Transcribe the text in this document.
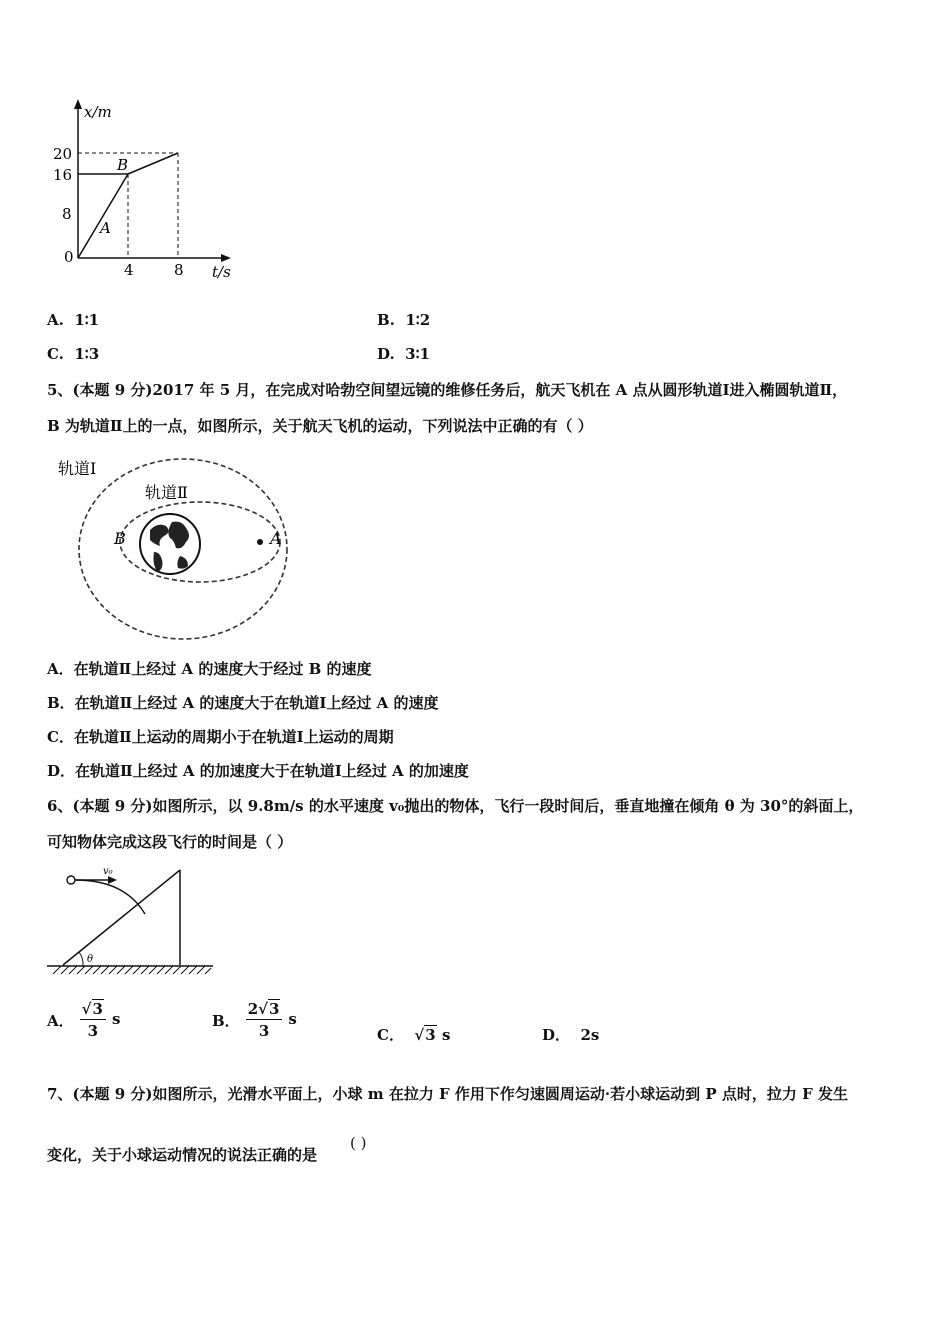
x/m
20
16
8
0
4	8 t/s
B
A
A. 1∶1	B. 1∶2
C. 1∶3	D. 3∶1
5、(本题 9 分)2017 年 5 月，在完成对哈勃空间望远镜的维修任务后，航天飞机在 A 点从圆形轨道Ⅰ进入椭圆轨道Ⅱ，
B 为轨道Ⅱ上的一点，如图所示，关于航天飞机的运动，下列说法中正确的有（ ）
轨道Ⅰ
轨道Ⅱ
B	A
A．在轨道Ⅱ上经过 A 的速度大于经过 B 的速度
B．在轨道Ⅱ上经过 A 的速度大于在轨道Ⅰ上经过 A 的速度
C．在轨道Ⅱ上运动的周期小于在轨道Ⅰ上运动的周期
D．在轨道Ⅱ上经过 A 的加速度大于在轨道Ⅰ上经过 A 的加速度
6、(本题 9 分)如图所示，以 9.8m/s 的水平速度 v₀抛出的物体，飞行一段时间后，垂直地撞在倾角 θ 为 30°的斜面上，
可知物体完成这段飞行的时间是（ ）
v₀
θ
A． $\frac{√3}{3}$ s	B． $\frac{2√3}{3}$ s
C．  √3 s	D． 2s
7、(本题 9 分)如图所示，光滑水平面上，小球 m 在拉力 F 作用下作匀速圆周运动·若小球运动到 P 点时，拉力 F 发生
变化，关于小球运动情况的说法正确的是
( )
